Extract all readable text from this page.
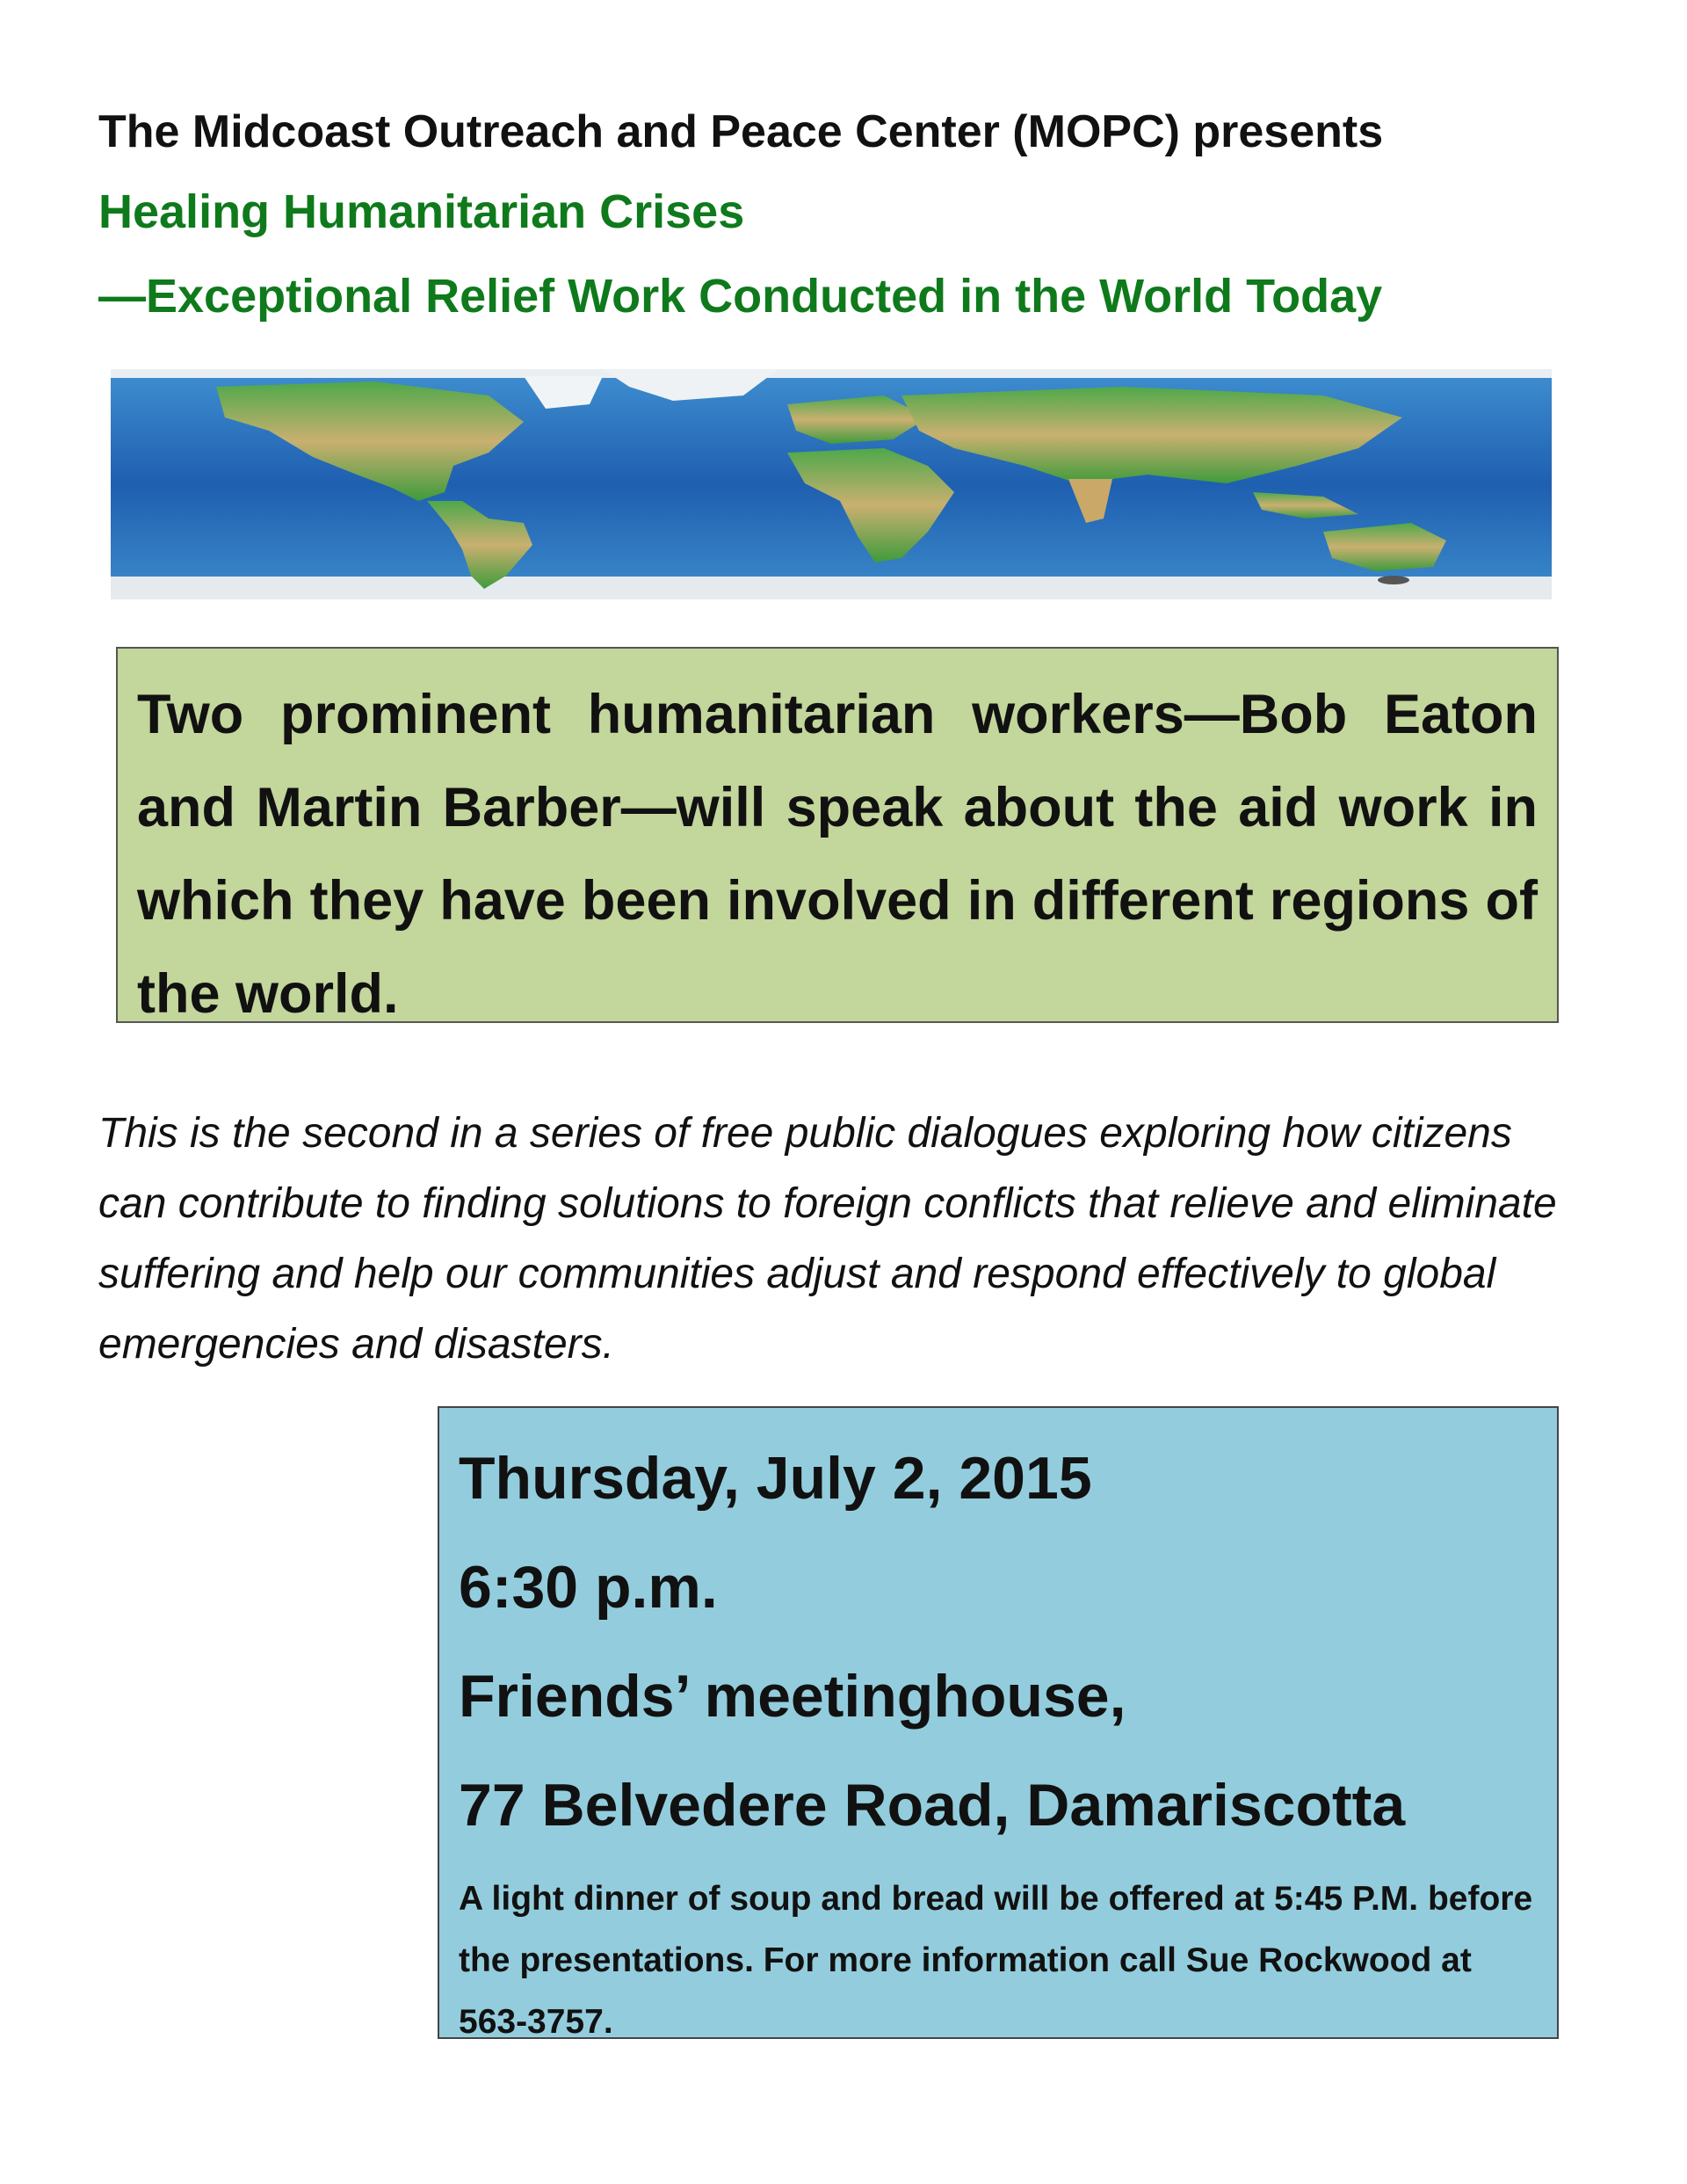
The Midcoast Outreach and Peace Center (MOPC) presents

Healing Humanitarian Crises

—Exceptional Relief Work Conducted in the World Today

Two prominent humanitarian workers—Bob Eaton and Martin Barber—will speak about the aid work in which they have been involved in different regions of the world.

This is the second in a series of free public dialogues exploring how citizens can contribute to finding solutions to foreign conflicts that relieve and eliminate suffering and help our communities adjust and respond effectively to global emergencies and disasters.

Thursday, July 2, 2015

6:30 p.m.

Friends’ meetinghouse,

77 Belvedere Road, Damariscotta

A light dinner of soup and bread will be offered at 5:45 P.M. before the presentations. For more information call Sue Rockwood at 563-3757.
